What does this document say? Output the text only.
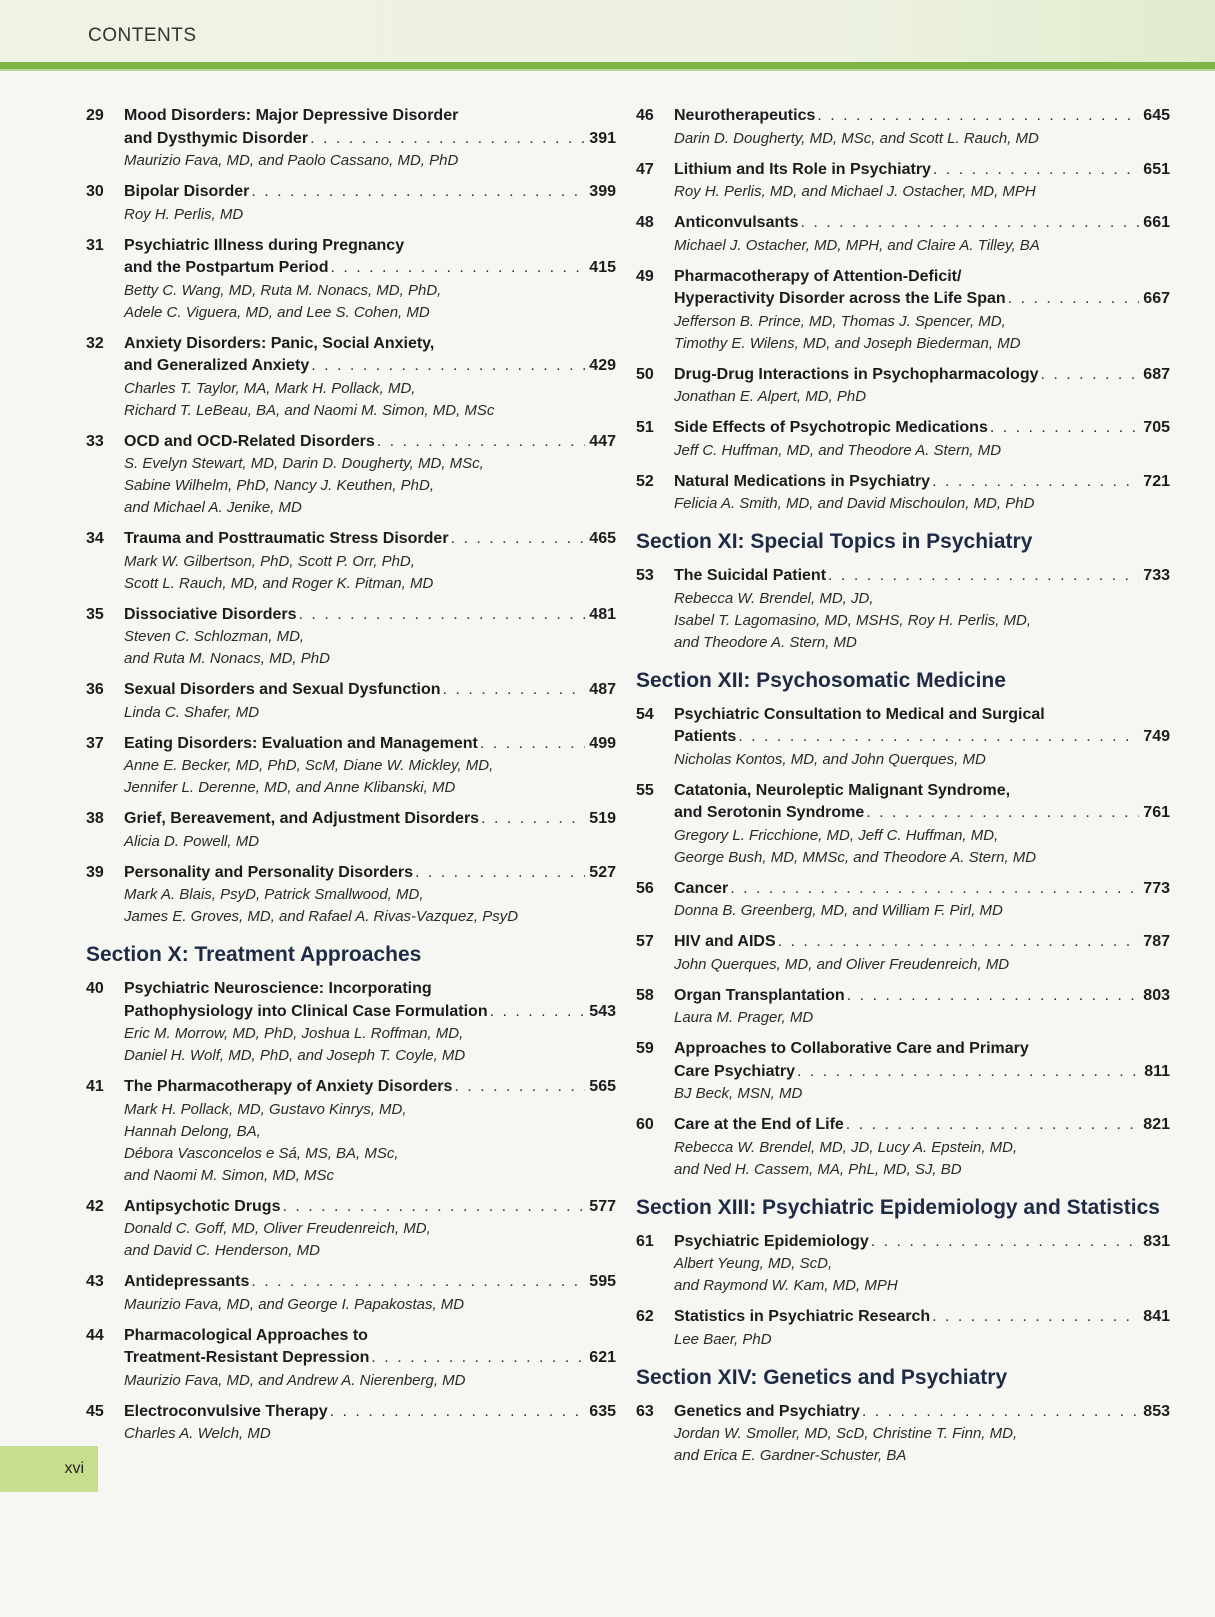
CONTENTS
29	Mood Disorders: Major Depressive Disorder
and Dysthymic Disorder . . .	391
Maurizio Fava, MD, and Paolo Cassano, MD, PhD
30	Bipolar Disorder . . .	399
Roy H. Perlis, MD
31	Psychiatric Illness during Pregnancy
and the Postpartum Period . . .	415
Betty C. Wang, MD, Ruta M. Nonacs, MD, PhD,
Adele C. Viguera, MD, and Lee S. Cohen, MD
32	Anxiety Disorders: Panic, Social Anxiety,
and Generalized Anxiety . . .	429
Charles T. Taylor, MA, Mark H. Pollack, MD,
Richard T. LeBeau, BA, and Naomi M. Simon, MD, MSc
33	OCD and OCD-Related Disorders . . .	447
S. Evelyn Stewart, MD, Darin D. Dougherty, MD, MSc,
Sabine Wilhelm, PhD, Nancy J. Keuthen, PhD,
and Michael A. Jenike, MD
34	Trauma and Posttraumatic Stress Disorder . . .	465
Mark W. Gilbertson, PhD, Scott P. Orr, PhD,
Scott L. Rauch, MD, and Roger K. Pitman, MD
35	Dissociative Disorders . . .	481
Steven C. Schlozman, MD,
and Ruta M. Nonacs, MD, PhD
36	Sexual Disorders and Sexual Dysfunction . . .	487
Linda C. Shafer, MD
37	Eating Disorders: Evaluation and Management . . .	499
Anne E. Becker, MD, PhD, ScM, Diane W. Mickley, MD,
Jennifer L. Derenne, MD, and Anne Klibanski, MD
38	Grief, Bereavement, and Adjustment Disorders . . .	519
Alicia D. Powell, MD
39	Personality and Personality Disorders . . .	527
Mark A. Blais, PsyD, Patrick Smallwood, MD,
James E. Groves, MD, and Rafael A. Rivas-Vazquez, PsyD
Section X: Treatment Approaches
40	Psychiatric Neuroscience: Incorporating
Pathophysiology into Clinical Case Formulation . . .	543
Eric M. Morrow, MD, PhD, Joshua L. Roffman, MD,
Daniel H. Wolf, MD, PhD, and Joseph T. Coyle, MD
41	The Pharmacotherapy of Anxiety Disorders . . .	565
Mark H. Pollack, MD, Gustavo Kinrys, MD,
Hannah Delong, BA,
Débora Vasconcelos e Sá, MS, BA, MSc,
and Naomi M. Simon, MD, MSc
42	Antipsychotic Drugs . . .	577
Donald C. Goff, MD, Oliver Freudenreich, MD,
and David C. Henderson, MD
43	Antidepressants . . .	595
Maurizio Fava, MD, and George I. Papakostas, MD
44	Pharmacological Approaches to
Treatment-Resistant Depression . . .	621
Maurizio Fava, MD, and Andrew A. Nierenberg, MD
45	Electroconvulsive Therapy . . .	635
Charles A. Welch, MD
46	Neurotherapeutics . . .	645
Darin D. Dougherty, MD, MSc, and Scott L. Rauch, MD
47	Lithium and Its Role in Psychiatry . . .	651
Roy H. Perlis, MD, and Michael J. Ostacher, MD, MPH
48	Anticonvulsants . . .	661
Michael J. Ostacher, MD, MPH, and Claire A. Tilley, BA
49	Pharmacotherapy of Attention-Deficit/
Hyperactivity Disorder across the Life Span . . .	667
Jefferson B. Prince, MD, Thomas J. Spencer, MD,
Timothy E. Wilens, MD, and Joseph Biederman, MD
50	Drug-Drug Interactions in Psychopharmacology . . .	687
Jonathan E. Alpert, MD, PhD
51	Side Effects of Psychotropic Medications . . .	705
Jeff C. Huffman, MD, and Theodore A. Stern, MD
52	Natural Medications in Psychiatry . . .	721
Felicia A. Smith, MD, and David Mischoulon, MD, PhD
Section XI: Special Topics in Psychiatry
53	The Suicidal Patient . . .	733
Rebecca W. Brendel, MD, JD,
Isabel T. Lagomasino, MD, MSHS, Roy H. Perlis, MD,
and Theodore A. Stern, MD
Section XII: Psychosomatic Medicine
54	Psychiatric Consultation to Medical and Surgical
Patients . . .	749
Nicholas Kontos, MD, and John Querques, MD
55	Catatonia, Neuroleptic Malignant Syndrome,
and Serotonin Syndrome . . .	761
Gregory L. Fricchione, MD, Jeff C. Huffman, MD,
George Bush, MD, MMSc, and Theodore A. Stern, MD
56	Cancer . . .	773
Donna B. Greenberg, MD, and William F. Pirl, MD
57	HIV and AIDS . . .	787
John Querques, MD, and Oliver Freudenreich, MD
58	Organ Transplantation . . .	803
Laura M. Prager, MD
59	Approaches to Collaborative Care and Primary
Care Psychiatry . . .	811
BJ Beck, MSN, MD
60	Care at the End of Life . . .	821
Rebecca W. Brendel, MD, JD, Lucy A. Epstein, MD,
and Ned H. Cassem, MA, PhL, MD, SJ, BD
Section XIII: Psychiatric Epidemiology and Statistics
61	Psychiatric Epidemiology . . .	831
Albert Yeung, MD, ScD,
and Raymond W. Kam, MD, MPH
62	Statistics in Psychiatric Research . . .	841
Lee Baer, PhD
Section XIV: Genetics and Psychiatry
63	Genetics and Psychiatry . . .	853
Jordan W. Smoller, MD, ScD, Christine T. Finn, MD,
and Erica E. Gardner-Schuster, BA
xvi
